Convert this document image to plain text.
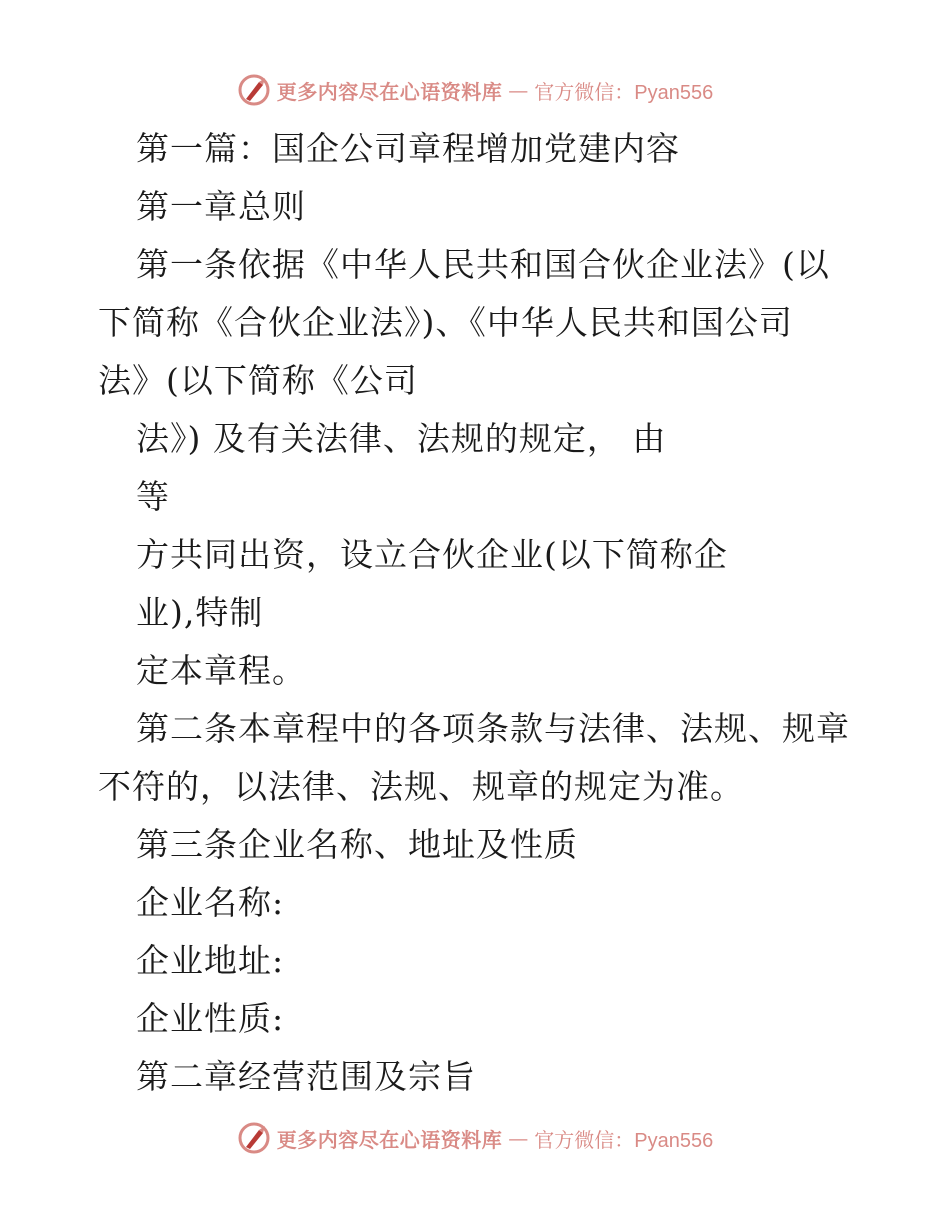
更多内容尽在心语资料库 — 官方微信：Pyan556
第一篇：国企公司章程增加党建内容
第一章总则
第一条依据《中华人民共和国合伙企业法》(以
下简称《合伙企业法》)、《中华人民共和国公司
法》(以下简称《公司
法》) 及有关法律、法规的规定， 由
等
方共同出资，设立合伙企业(以下简称企
业),特制
定本章程。
第二条本章程中的各项条款与法律、法规、规章
不符的，以法律、法规、规章的规定为准。
第三条企业名称、地址及性质
企业名称:
企业地址:
企业性质:
第二章经营范围及宗旨
更多内容尽在心语资料库 — 官方微信：Pyan556
